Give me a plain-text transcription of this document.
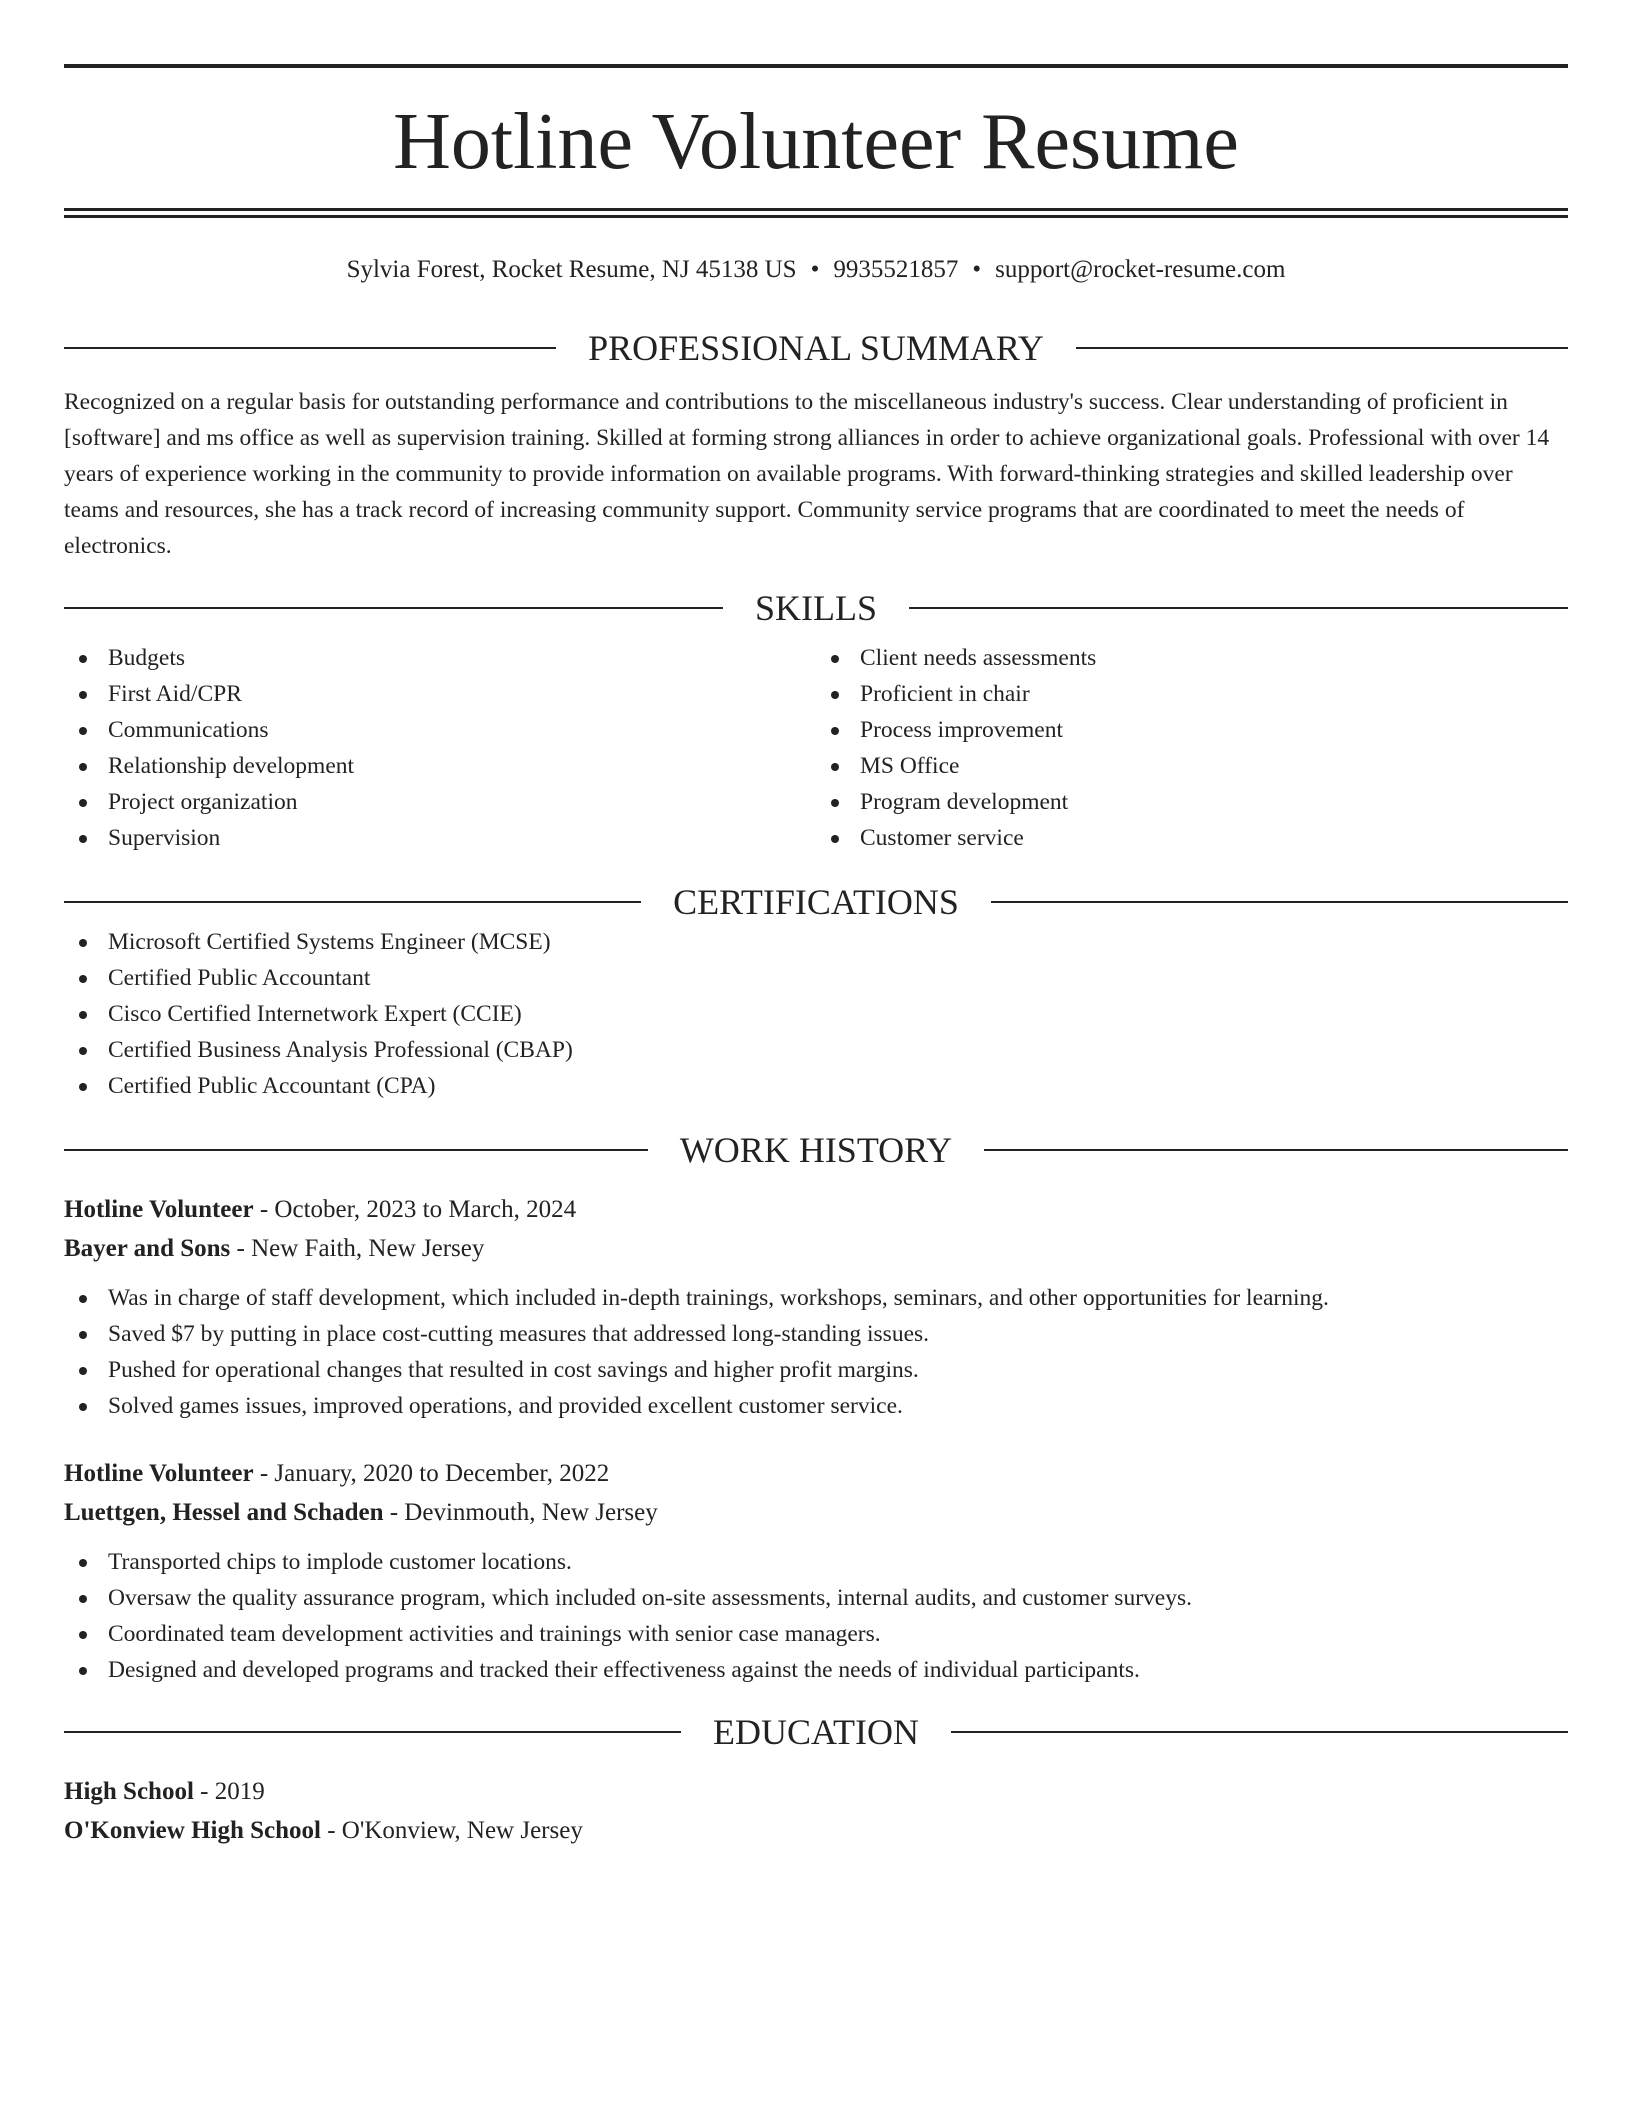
Hotline Volunteer Resume
Sylvia Forest, Rocket Resume, NJ 45138 US • 9935521857 • support@rocket-resume.com
PROFESSIONAL SUMMARY
Recognized on a regular basis for outstanding performance and contributions to the miscellaneous industry's success. Clear understanding of proficient in [software] and ms office as well as supervision training. Skilled at forming strong alliances in order to achieve organizational goals. Professional with over 14 years of experience working in the community to provide information on available programs. With forward-thinking strategies and skilled leadership over teams and resources, she has a track record of increasing community support. Community service programs that are coordinated to meet the needs of electronics.
SKILLS
Budgets
First Aid/CPR
Communications
Relationship development
Project organization
Supervision
Client needs assessments
Proficient in chair
Process improvement
MS Office
Program development
Customer service
CERTIFICATIONS
Microsoft Certified Systems Engineer (MCSE)
Certified Public Accountant
Cisco Certified Internetwork Expert (CCIE)
Certified Business Analysis Professional (CBAP)
Certified Public Accountant (CPA)
WORK HISTORY
Hotline Volunteer - October, 2023 to March, 2024
Bayer and Sons - New Faith, New Jersey
Was in charge of staff development, which included in-depth trainings, workshops, seminars, and other opportunities for learning.
Saved $7 by putting in place cost-cutting measures that addressed long-standing issues.
Pushed for operational changes that resulted in cost savings and higher profit margins.
Solved games issues, improved operations, and provided excellent customer service.
Hotline Volunteer - January, 2020 to December, 2022
Luettgen, Hessel and Schaden - Devinmouth, New Jersey
Transported chips to implode customer locations.
Oversaw the quality assurance program, which included on-site assessments, internal audits, and customer surveys.
Coordinated team development activities and trainings with senior case managers.
Designed and developed programs and tracked their effectiveness against the needs of individual participants.
EDUCATION
High School - 2019
O'Konview High School - O'Konview, New Jersey
